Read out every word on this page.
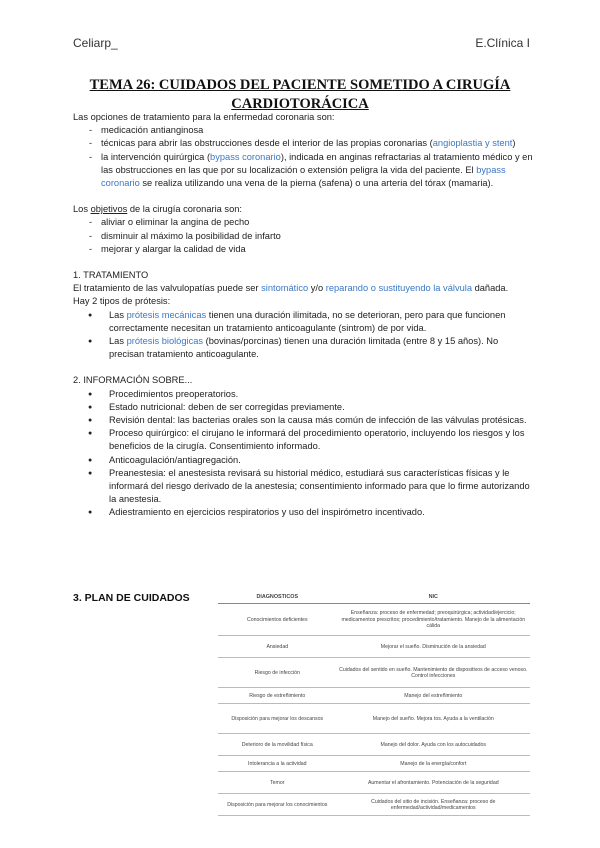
Celiarp_	E.Clínica I
TEMA 26: CUIDADOS DEL PACIENTE SOMETIDO A CIRUGÍA
CARDIOTORÁCICA
Las opciones de tratamiento para la enfermedad coronaria son:
- medicación antianginosa
- técnicas para abrir las obstrucciones desde el interior de las propias coronarias (angioplastia y stent)
- la intervención quirúrgica (bypass coronario), indicada en anginas refractarias al tratamiento médico y en las obstrucciones en las que por su localización o extensión peligra la vida del paciente. El bypass coronario se realiza utilizando una vena de la pierna (safena) o una arteria del tórax (mamaria).
Los objetivos de la cirugía coronaria son:
- aliviar o eliminar la angina de pecho
- disminuir al máximo la posibilidad de infarto
- mejorar y alargar la calidad de vida
1. TRATAMIENTO
El tratamiento de las valvulopatías puede ser sintomático y/o reparando o sustituyendo la válvula dañada.
Hay 2 tipos de prótesis:
● Las prótesis mecánicas tienen una duración ilimitada, no se deterioran, pero para que funcionen correctamente necesitan un tratamiento anticoagulante (sintrom) de por vida.
● Las prótesis biológicas (bovinas/porcinas) tienen una duración limitada (entre 8 y 15 años). No precisan tratamiento anticoagulante.
2. INFORMACIÓN SOBRE...
● Procedimientos preoperatorios.
● Estado nutricional: deben de ser corregidas previamente.
● Revisión dental: las bacterias orales son la causa más común de infección de las válvulas protésicas.
● Proceso quirúrgico: el cirujano le informará del procedimiento operatorio, incluyendo los riesgos y los beneficios de la cirugía. Consentimiento informado.
● Anticoagulación/antiagregación.
● Preanestesia: el anestesista revisará su historial médico, estudiará sus características físicas y le informará del riesgo derivado de la anestesia; consentimiento informado para que lo firme autorizando la anestesia.
● Adiestramiento en ejercicios respiratorios y uso del inspirómetro incentivado.
3. PLAN DE CUIDADOS	DIAGNOSTICOS	NIC
Conocimientos deficientes	Enseñanza: proceso de enfermedad; preoquirúrgica; actividad/ejercicio; medicamentos prescritos; procedimiento/tratamiento. Manejo de la alimentación cálida
Ansiedad	Mejorar el sueño. Disminución de la ansiedad
Riesgo de infección	Cuidados del sentido en sueño. Mantenimiento de dispositivos de acceso venoso. Control infecciones
Riesgo de estreñimiento	Manejo del estreñimiento
Disposición para mejorar los descansos	Manejo del sueño. Mejora tos. Ayuda a la ventilación
Deterioro de la movilidad física	Manejo del dolor. Ayuda con los autocuidados
Intolerancia a la actividad	Manejo de la energía/confort
Temor	Aumentar el afrontamiento. Potenciación de la seguridad
Disposición para mejorar los conocimientos	Cuidados del sitio de incisión. Enseñanza: proceso de enfermedad/actividad/medicamentos
